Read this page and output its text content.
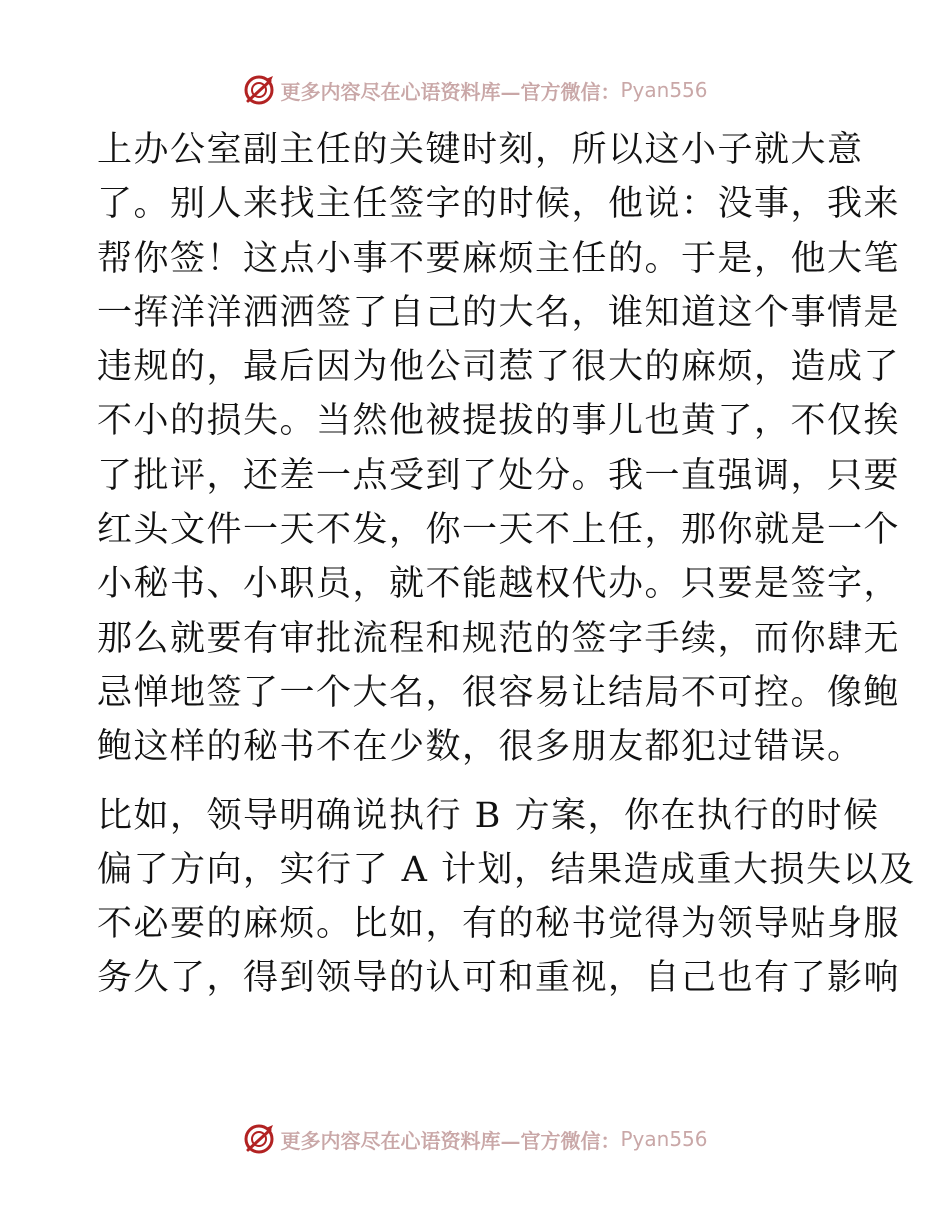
更多内容尽在心语资料库—官方微信： Pyan556

上办公室副主任的关键时刻，所以这小子就大意
了。别人来找主任签字的时候，他说：没事，我来
帮你签！这点小事不要麻烦主任的。于是，他大笔
一挥洋洋洒洒签了自己的大名，谁知道这个事情是
违规的，最后因为他公司惹了很大的麻烦，造成了
不小的损失。当然他被提拔的事儿也黄了，不仅挨
了批评，还差一点受到了处分。我一直强调，只要
红头文件一天不发，你一天不上任，那你就是一个
小秘书、小职员，就不能越权代办。只要是签字，
那么就要有审批流程和规范的签字手续，而你肆无
忌惮地签了一个大名，很容易让结局不可控。像鲍
鲍这样的秘书不在少数，很多朋友都犯过错误。

比如，领导明确说执行 B 方案，你在执行的时候
偏了方向，实行了 A 计划，结果造成重大损失以及
不必要的麻烦。比如，有的秘书觉得为领导贴身服
务久了，得到领导的认可和重视，自己也有了影响

更多内容尽在心语资料库—官方微信： Pyan556
